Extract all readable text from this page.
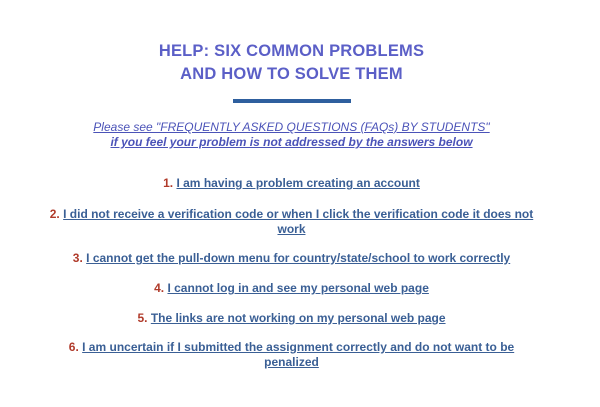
HELP: SIX COMMON PROBLEMS
AND HOW TO SOLVE THEM
Please see "FREQUENTLY ASKED QUESTIONS (FAQs) BY STUDENTS"
if you feel your problem is not addressed by the answers below
1. I am having a problem creating an account
2. I did not receive a verification code or when I click the verification code it does not work
3. I cannot get the pull-down menu for country/state/school to work correctly
4. I cannot log in and see my personal web page
5. The links are not working on my personal web page
6. I am uncertain if I submitted the assignment correctly and do not want to be penalized
